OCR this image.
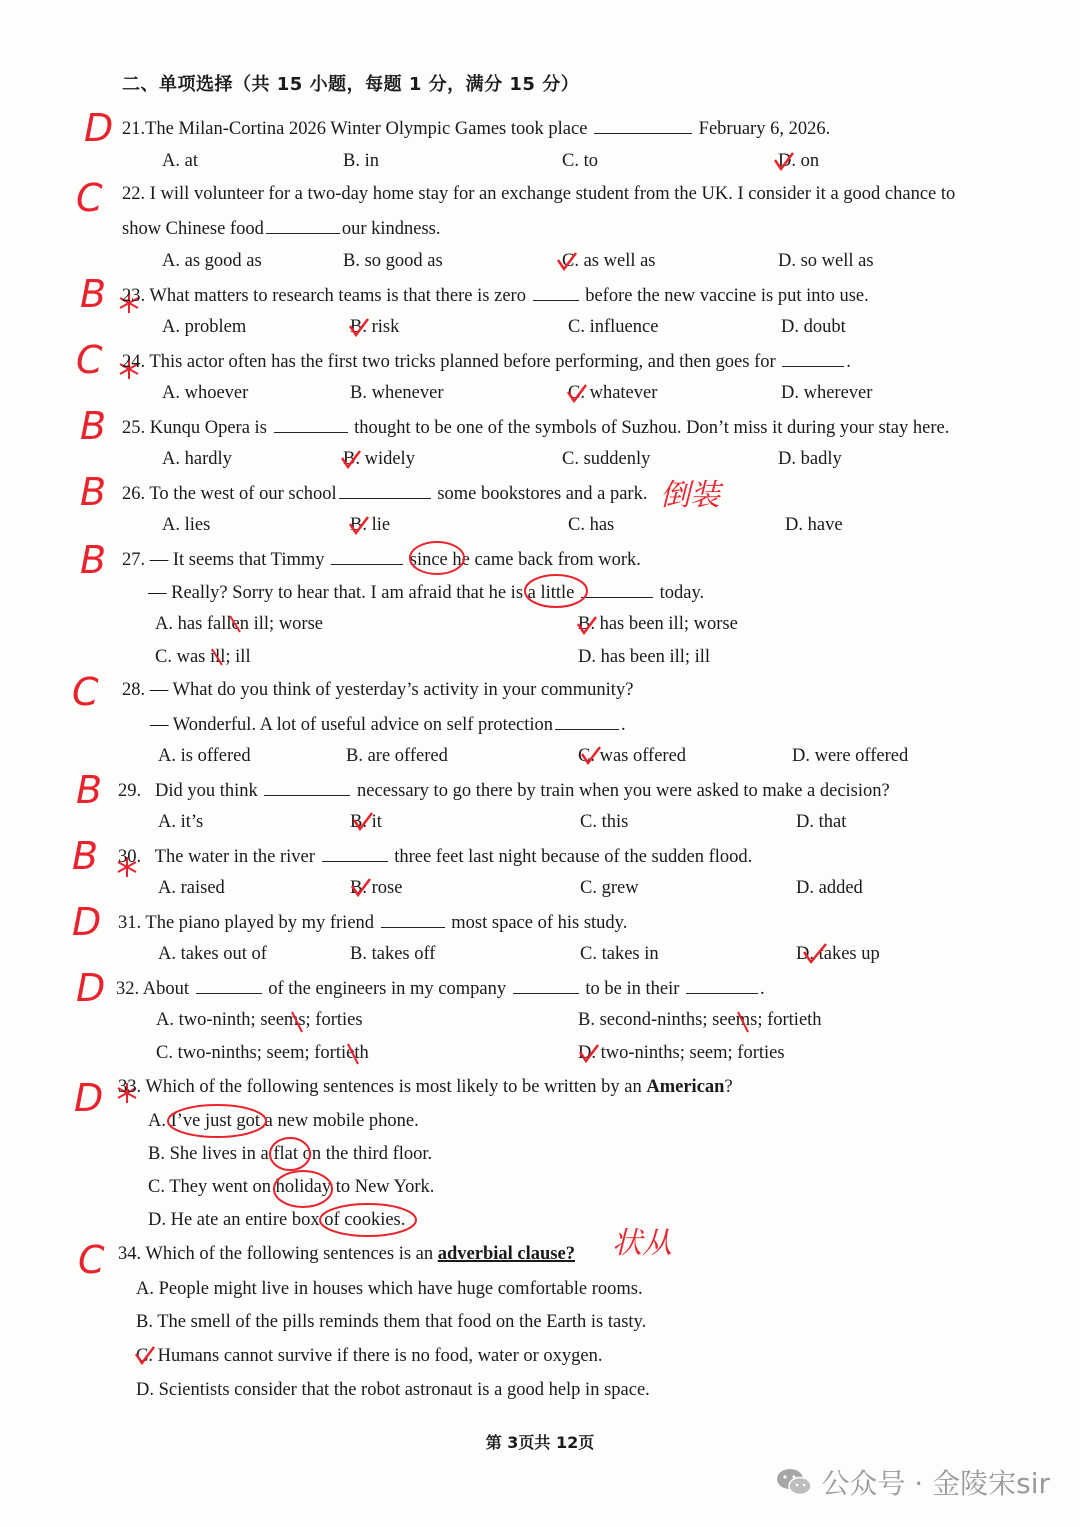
二、单项选择（共 15 小题，每题 1 分，满分 15 分）
D 21.The Milan-Cortina 2026 Winter Olympic Games took place	February 6, 2026.
A. at	B. in	C. to	D. on
C 22. I will volunteer for a two-day home stay for an exchange student from the UK. I consider it a good chance to
show Chinese food	our kindness.
A. as good as	B. so good as	C. as well as	D. so well as
B 23. What matters to research teams is that there is zero	before the new vaccine is put into use.
A. problem	B. risk	C. influence	D. doubt
C 24. This actor often has the first two tricks planned before performing, and then goes for	.
A. whoever	B. whenever	C. whatever	D. wherever
B 25. Kunqu Opera is	thought to be one of the symbols of Suzhou. Don’t miss it during your stay here.
A. hardly	B. widely	C. suddenly	D. badly
B 26. To the west of our school	some bookstores and a park. 倒装
A. lies	B. lie	C. has	D. have
B 27. — It seems that Timmy	since he came back from work.
— Really? Sorry to hear that. I am afraid that he is a little	today.
A. has fallen ill; worse	B. has been ill; worse
C. was ill; ill	D. has been ill; ill
C 28. — What do you think of yesterday’s activity in your community?
— Wonderful. A lot of useful advice on self protection	.
A. is offered	B. are offered	C. was offered	D. were offered
B 29.   Did you think	necessary to go there by train when you were asked to make a decision?
A. it’s	B. it	C. this	D. that
B 30.   The water in the river	three feet last night because of the sudden flood.
A. raised	B. rose	C. grew	D. added
D 31. The piano played by my friend	most space of his study.
A. takes out of	B. takes off	C. takes in	D. takes up
D 32. About	of the engineers in my company	to be in their	.
A. two-ninth; seems; forties	B. second-ninths; seems; fortieth
C. two-ninths; seem; fortieth	D. two-ninths; seem; forties
D 33. Which of the following sentences is most likely to be written by an American?
A. I’ve just got a new mobile phone.
B. She lives in a flat on the third floor.
C. They went on holiday to New York.
D. He ate an entire box of cookies.
C 34. Which of the following sentences is an adverbial clause? 状从
A. People might live in houses which have huge comfortable rooms.
B. The smell of the pills reminds them that food on the Earth is tasty.
C. Humans cannot survive if there is no food, water or oxygen.
D. Scientists consider that the robot astronaut is a good help in space.
第 3页共 12页
公众号 · 金陵宋sir
